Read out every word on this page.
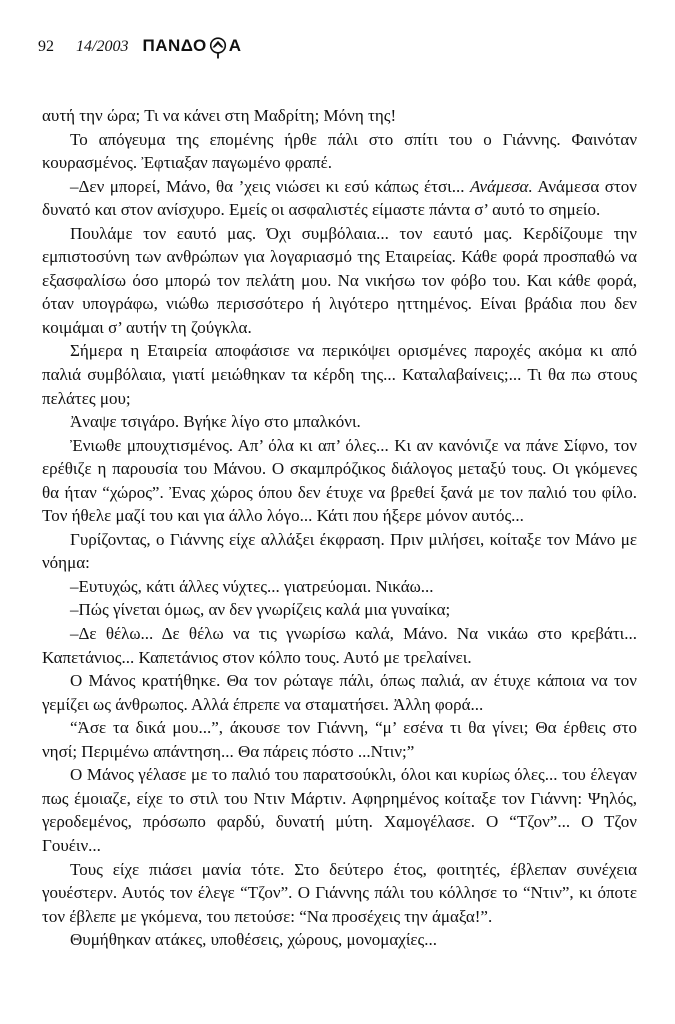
92 14/2003 ΠΑΝΔΟ Α

αυτή την ώρα; Τι να κάνει στη Μαδρίτη; Μόνη της!

Το απόγευμα της επομένης ήρθε πάλι στο σπίτι του ο Γιάννης. Φαινόταν κουρασμένος. Ἐφτιαξαν παγωμένο φραπέ.

–Δεν μπορεί, Μάνο, θα ’χεις νιώσει κι εσύ κάπως έτσι... Ανάμεσα. Ανάμεσα στον δυνατό και στον ανίσχυρο. Εμείς οι ασφαλιστές είμαστε πάντα σ’ αυτό το σημείο.

Πουλάμε τον εαυτό μας. Όχι συμβόλαια... τον εαυτό μας. Κερδίζουμε την εμπιστοσύνη των ανθρώπων για λογαριασμό της Εταιρείας. Κάθε φορά προσπαθώ να εξασφαλίσω όσο μπορώ τον πελάτη μου. Να νικήσω τον φόβο του. Και κάθε φορά, όταν υπογράφω, νιώθω περισσότερο ή λιγότερο ηττημένος. Είναι βράδια που δεν κοιμάμαι σ’ αυτήν τη ζούγκλα.

Σήμερα η Εταιρεία αποφάσισε να περικόψει ορισμένες παροχές ακόμα κι από παλιά συμβόλαια, γιατί μειώθηκαν τα κέρδη της... Καταλαβαίνεις;... Τι θα πω στους πελάτες μου;

Ἀναψε τσιγάρο. Βγήκε λίγο στο μπαλκόνι.

Ἐνιωθε μπουχτισμένος. Απ’ όλα κι απ’ όλες... Κι αν κανόνιζε να πάνε Σίφνο, τον ερέθιζε η παρουσία του Μάνου. Ο σκαμπρόζικος διάλογος μεταξύ τους. Οι γκόμενες θα ήταν “χώρος”. Ἐνας χώρος όπου δεν έτυχε να βρεθεί ξανά με τον παλιό του φίλο. Τον ήθελε μαζί του και για άλλο λόγο... Κάτι που ήξερε μόνον αυτός...

Γυρίζοντας, ο Γιάννης είχε αλλάξει έκφραση. Πριν μιλήσει, κοίταξε τον Μάνο με νόημα:

–Ευτυχώς, κάτι άλλες νύχτες... γιατρεύομαι. Νικάω...

–Πώς γίνεται όμως, αν δεν γνωρίζεις καλά μια γυναίκα;

–Δε θέλω... Δε θέλω να τις γνωρίσω καλά, Μάνο. Να νικάω στο κρεβάτι... Καπετάνιος... Καπετάνιος στον κόλπο τους. Αυτό με τρελαίνει.

Ο Μάνος κρατήθηκε. Θα τον ρώταγε πάλι, όπως παλιά, αν έτυχε κάποια να τον γεμίζει ως άνθρωπος. Αλλά έπρεπε να σταματήσει. Ἀλλη φορά...

“Ἀσε τα δικά μου...”, άκουσε τον Γιάννη, “μ’ εσένα τι θα γίνει; Θα έρθεις στο νησί; Περιμένω απάντηση... Θα πάρεις πόστο ...Ντιν;”

Ο Μάνος γέλασε με το παλιό του παρατσούκλι, όλοι και κυρίως όλες... του έλεγαν πως έμοιαζε, είχε το στιλ του Ντιν Μάρτιν. Αφηρημένος κοίταξε τον Γιάννη: Ψηλός, γεροδεμένος, πρόσωπο φαρδύ, δυνατή μύτη. Χαμογέλασε. Ο “Τζον”... Ο Τζον Γουέιν...

Τους είχε πιάσει μανία τότε. Στο δεύτερο έτος, φοιτητές, έβλεπαν συνέχεια γουέστερν. Αυτός τον έλεγε “Τζον”. Ο Γιάννης πάλι του κόλλησε το “Ντιν”, κι όποτε τον έβλεπε με γκόμενα, του πετούσε: “Να προσέχεις την άμαξα!”.

Θυμήθηκαν ατάκες, υποθέσεις, χώρους, μονομαχίες...
